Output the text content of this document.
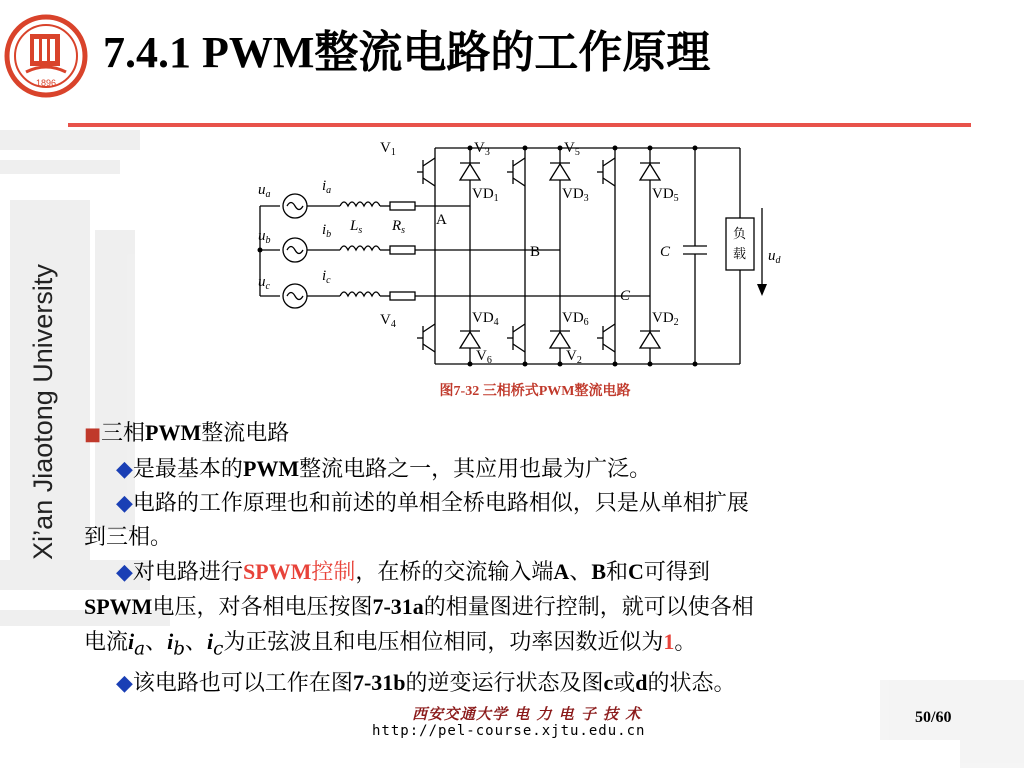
1896
7.4.1 PWM整流电路的工作原理
Xi’an Jiaotong University
$u_a$
$u_b$
$u_c$
$i_a$
$i_b$
$i_c$
$L_s$ $R_s$
C	$u_d$
C
A
B
$V_1$	$V_3$	$V_5$
$VD_1$	$VD_3$	$VD_5$
$V_4$	$VD_4$
$V_6$
$VD_6$
$V_2$
$VD_2$
负
载
图7-32 三相桥式PWM整流电路
■三相PWM整流电路
◆是最基本的PWM整流电路之一，其应用也最为广泛。
◆电路的工作原理也和前述的单相全桥电路相似，只是从单相扩展
到三相。
◆对电路进行SPWM控制，在桥的交流输入端A、B和C可得到
SPWM电压，对各相电压按图7-31a的相量图进行控制，就可以使各相
电流$i_a$、$i_b$、$i_c$为正弦波且和电压相位相同，功率因数近似为1。
◆该电路也可以工作在图7-31b的逆变运行状态及图c或d的状态。
西安交通大学 电 力 电 子 技 术
http://pel-course.xjtu.edu.cn
50/60
